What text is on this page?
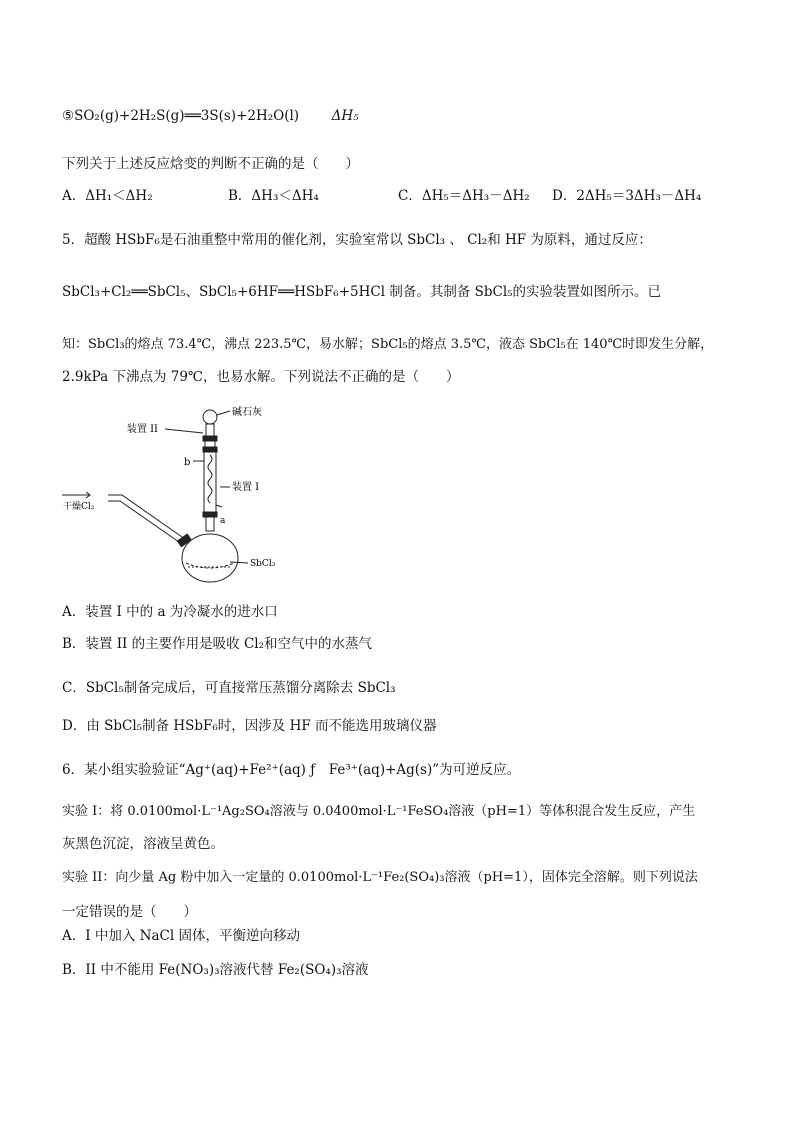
⑤SO₂(g)+2H₂S(g)══3S(s)+2H₂O(l) ΔH₅
下列关于上述反应焓变的判断不正确的是（　　）
A．ΔH₁＜ΔH₂	B．ΔH₃＜ΔH₄	C．ΔH₅＝ΔH₃－ΔH₂ D．2ΔH₅＝3ΔH₃－ΔH₄
5．超酸 HSbF₆是石油重整中常用的催化剂，实验室常以 SbCl₃ 、 Cl₂和 HF 为原料，通过反应：
SbCl₃+Cl₂══SbCl₅、SbCl₅+6HF══HSbF₆+5HCl 制备。其制备 SbCl₅的实验装置如图所示。已
知：SbCl₃的熔点 73.4℃，沸点 223.5℃，易水解；SbCl₅的熔点 3.5℃，液态 SbCl₅在 140℃时即发生分解，
2.9kPa 下沸点为 79℃，也易水解。下列说法不正确的是（　　）
碱石灰
装置 II
b
装置 I
a
干燥Cl₂
SbCl₃
A．装置 I 中的 a 为冷凝水的进水口
B．装置 II 的主要作用是吸收 Cl₂和空气中的水蒸气
C．SbCl₅制备完成后，可直接常压蒸馏分离除去 SbCl₃
D．由 SbCl₅制备 HSbF₆时，因涉及 HF 而不能选用玻璃仪器
6．某小组实验验证“Ag⁺(aq)+Fe²⁺(aq) ƒ　Fe³⁺(aq)+Ag(s)”为可逆反应。
实验 I：将 0.0100mol·L⁻¹Ag₂SO₄溶液与 0.0400mol·L⁻¹FeSO₄溶液（pH=1）等体积混合发生反应，产生
灰黑色沉淀，溶液呈黄色。
实验 II：向少量 Ag 粉中加入一定量的 0.0100mol·L⁻¹Fe₂(SO₄)₃溶液（pH=1），固体完全溶解。则下列说法
一定错误的是（　　）
A．I 中加入 NaCl 固体，平衡逆向移动
B．II 中不能用 Fe(NO₃)₃溶液代替 Fe₂(SO₄)₃溶液
